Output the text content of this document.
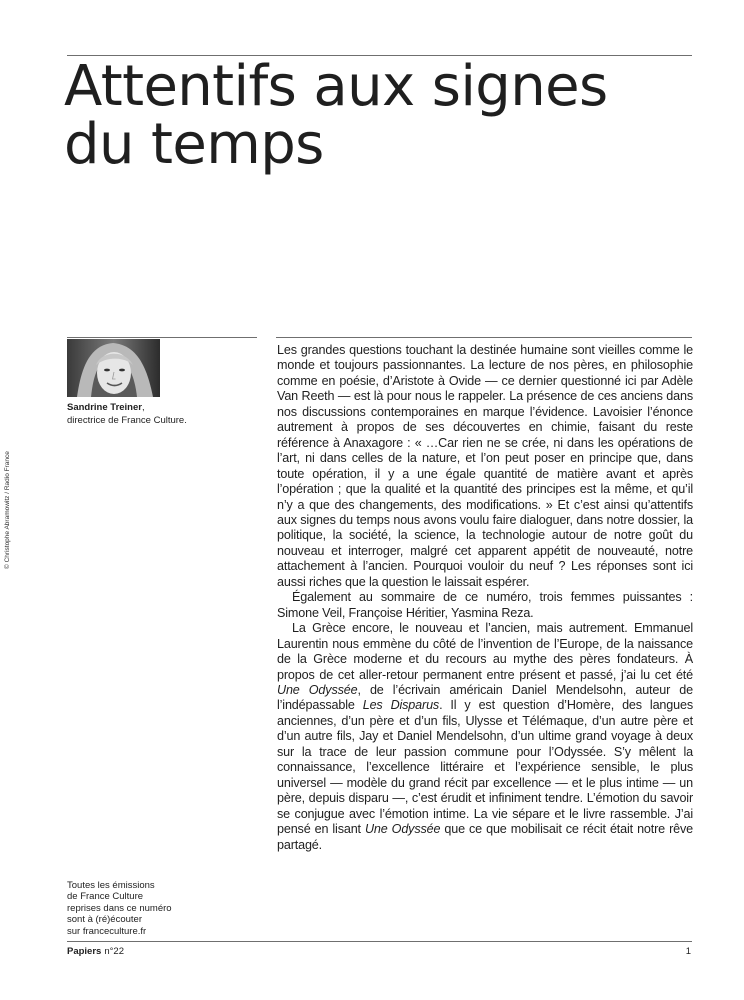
Attentifs aux signes
du temps
Sandrine Treiner,
directrice de France Culture.
© Christophe Abramowitz / Radio France

Les grandes questions touchant la destinée humaine sont vieilles comme le monde et toujours passionnantes. La lecture de nos pères, en philosophie comme en poésie, d’Aristote à Ovide — ce dernier questionné ici par Adèle Van Reeth — est là pour nous le rappeler. La présence de ces anciens dans nos discussions contemporaines en marque l’évidence. Lavoisier l’énonce autrement à propos de ses découvertes en chimie, faisant du reste référence à Anaxagore : « …Car rien ne se crée, ni dans les opérations de l’art, ni dans celles de la nature, et l’on peut poser en principe que, dans toute opération, il y a une égale quantité de matière avant et après l’opération ; que la qualité et la quantité des principes est la même, et qu’il n’y a que des changements, des modifications. » Et c’est ainsi qu’attentifs aux signes du temps nous avons voulu faire dialoguer, dans notre dossier, la politique, la société, la science, la technologie autour de notre goût du nouveau et interroger, malgré cet apparent appétit de nouveauté, notre attachement à l’ancien. Pourquoi vouloir du neuf ? Les réponses sont ici aussi riches que la question le laissait espérer.

Également au sommaire de ce numéro, trois femmes puissantes : Simone Veil, Françoise Héritier, Yasmina Reza.

La Grèce encore, le nouveau et l’ancien, mais autrement. Emmanuel Laurentin nous emmène du côté de l’invention de l’Europe, de la naissance de la Grèce moderne et du recours au mythe des pères fondateurs. À propos de cet aller-retour permanent entre présent et passé, j’ai lu cet été Une Odyssée, de l’écrivain américain Daniel Mendelsohn, auteur de l’indépassable Les Disparus. Il y est question d’Homère, des langues anciennes, d’un père et d’un fils, Ulysse et Télémaque, d’un autre père et d’un autre fils, Jay et Daniel Mendelsohn, d’un ultime grand voyage à deux sur la trace de leur passion commune pour l’Odyssée. S’y mêlent la connaissance, l’excellence littéraire et l’expérience sensible, le plus universel — modèle du grand récit par excellence — et le plus intime — un père, depuis disparu —, c’est érudit et infiniment tendre. L’émotion du savoir se conjugue avec l’émotion intime. La vie sépare et le livre rassemble. J’ai pensé en lisant Une Odyssée que ce que mobilisait ce récit était notre rêve partagé.

Toutes les émissions
de France Culture
reprises dans ce numéro
sont à (ré)écouter
sur franceculture.fr
Papiers n°22	1
